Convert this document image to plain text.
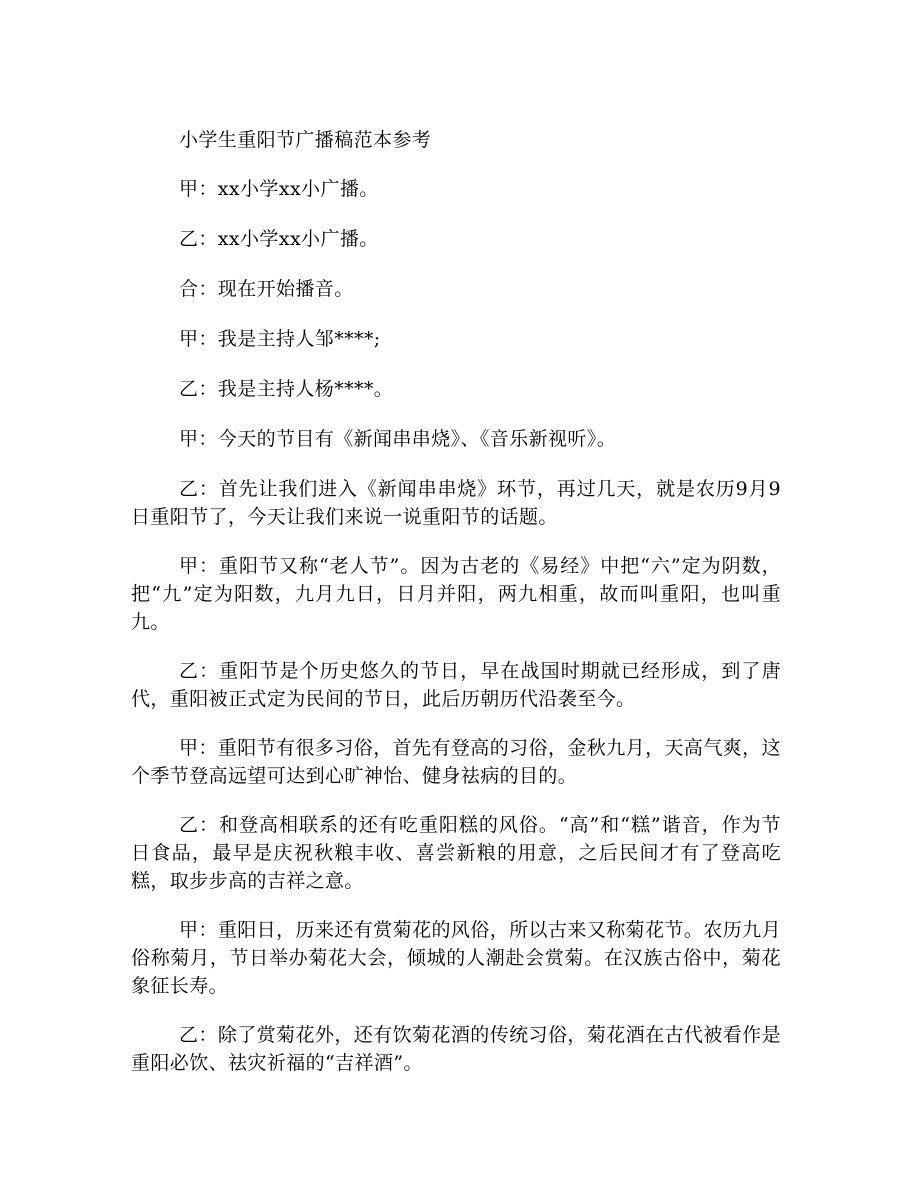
小学生重阳节广播稿范本参考

甲：xx小学xx小广播。

乙：xx小学xx小广播。

合：现在开始播音。

甲：我是主持人邹****;

乙：我是主持人杨****。

甲：今天的节目有《新闻串串烧》、《音乐新视听》。

乙：首先让我们进入《新闻串串烧》环节，再过几天，就是农历9月9日重阳节了，今天让我们来说一说重阳节的话题。

甲：重阳节又称“老人节”。因为古老的《易经》中把“六”定为阴数，把“九”定为阳数，九月九日，日月并阳，两九相重，故而叫重阳，也叫重九。

乙：重阳节是个历史悠久的节日，早在战国时期就已经形成，到了唐代，重阳被正式定为民间的节日，此后历朝历代沿袭至今。

甲：重阳节有很多习俗，首先有登高的习俗，金秋九月，天高气爽，这个季节登高远望可达到心旷神怡、健身祛病的目的。

乙：和登高相联系的还有吃重阳糕的风俗。“高”和“糕”谐音，作为节日食品，最早是庆祝秋粮丰收、喜尝新粮的用意，之后民间才有了登高吃糕，取步步高的吉祥之意。

甲：重阳日，历来还有赏菊花的风俗，所以古来又称菊花节。农历九月俗称菊月，节日举办菊花大会，倾城的人潮赴会赏菊。在汉族古俗中，菊花象征长寿。

乙：除了赏菊花外，还有饮菊花酒的传统习俗，菊花酒在古代被看作是重阳必饮、祛灾祈福的“吉祥酒”。
